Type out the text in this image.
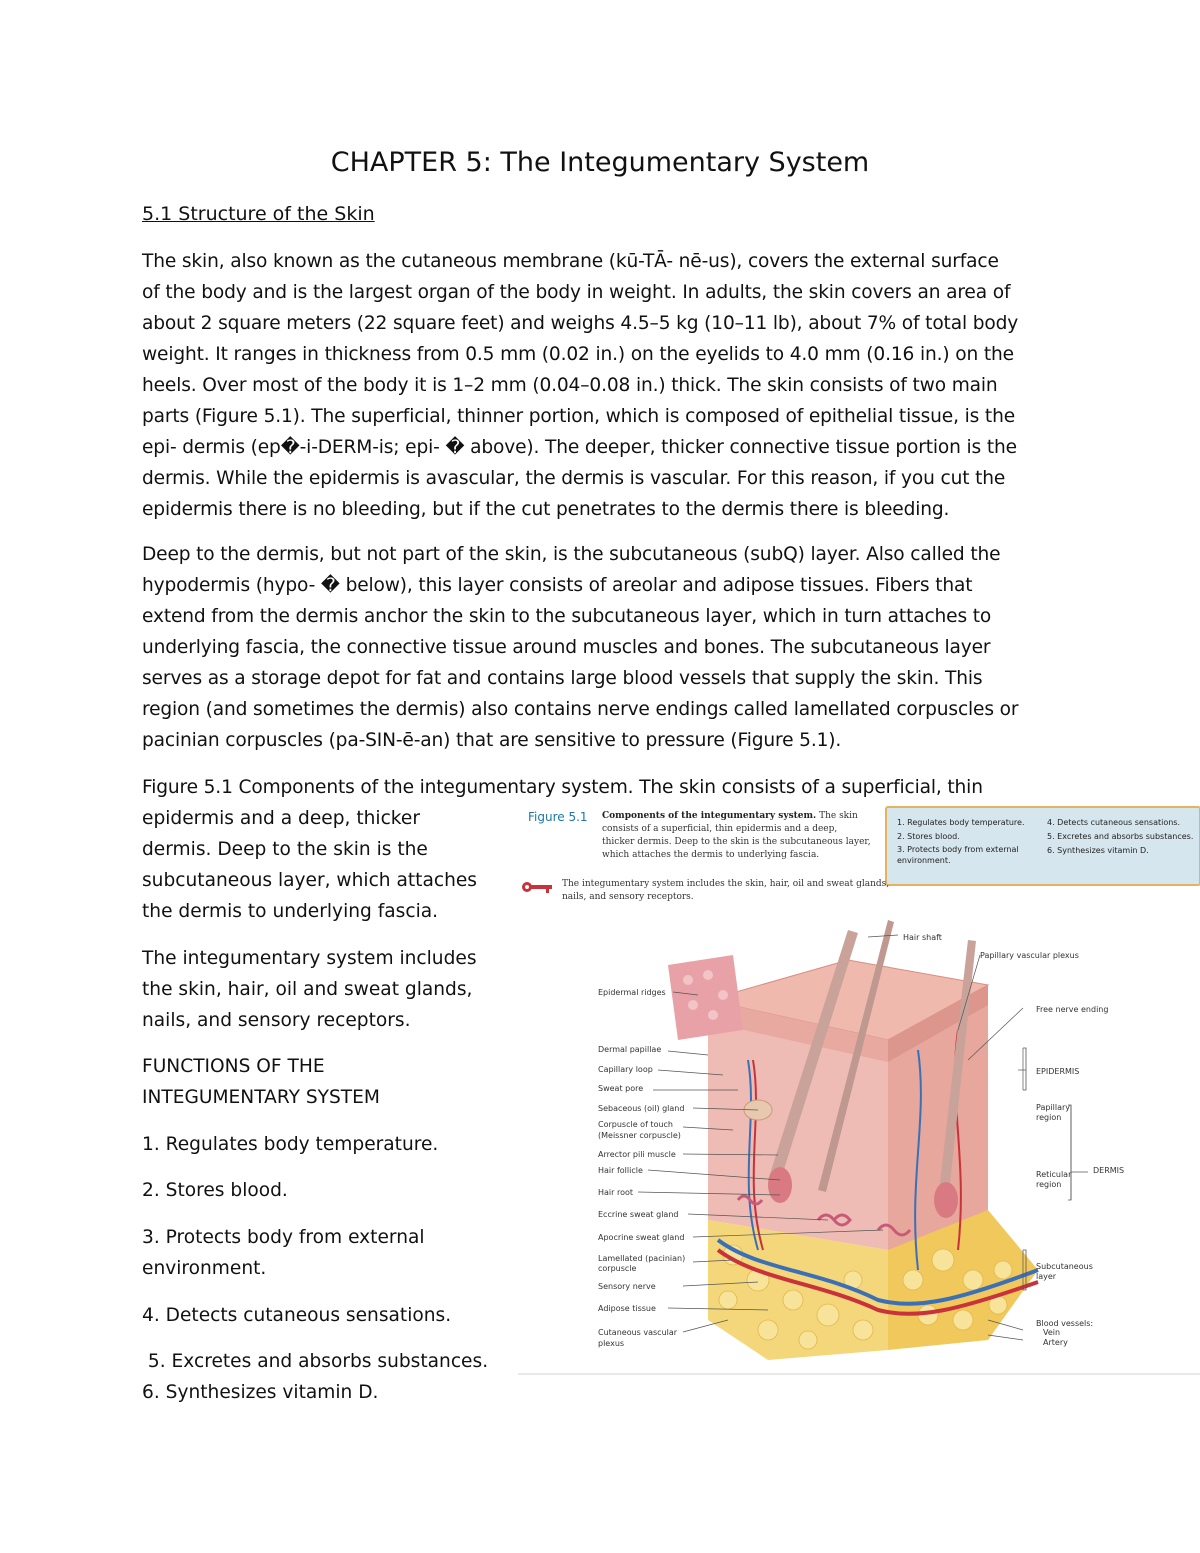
CHAPTER 5: The Integumentary System
5.1 Structure of the Skin
The skin, also known as the cutaneous membrane (kū-TĀ- nē-us), covers the external surface
of the body and is the largest organ of the body in weight. In adults, the skin covers an area of
about 2 square meters (22 square feet) and weighs 4.5–5 kg (10–11 lb), about 7% of total body
weight. It ranges in thickness from 0.5 mm (0.02 in.) on the eyelids to 4.0 mm (0.16 in.) on the
heels. Over most of the body it is 1–2 mm (0.04–0.08 in.) thick. The skin consists of two main
parts (Figure 5.1). The superficial, thinner portion, which is composed of epithelial tissue, is the
epi- dermis (ep�-i-DERM-is; epi- � above). The deeper, thicker connective tissue portion is the
dermis. While the epidermis is avascular, the dermis is vascular. For this reason, if you cut the
epidermis there is no bleeding, but if the cut penetrates to the dermis there is bleeding.
Deep to the dermis, but not part of the skin, is the subcutaneous (subQ) layer. Also called the
hypodermis (hypo- � below), this layer consists of areolar and adipose tissues. Fibers that
extend from the dermis anchor the skin to the subcutaneous layer, which in turn attaches to
underlying fascia, the connective tissue around muscles and bones. The subcutaneous layer
serves as a storage depot for fat and contains large blood vessels that supply the skin. This
region (and sometimes the dermis) also contains nerve endings called lamellated corpuscles or
pacinian corpuscles (pa-SIN-ē-an) that are sensitive to pressure (Figure 5.1).
Figure 5.1 Components of the integumentary system. The skin consists of a superficial, thin
epidermis and a deep, thicker
dermis. Deep to the skin is the
subcutaneous layer, which attaches
the dermis to underlying fascia.
The integumentary system includes
the skin, hair, oil and sweat glands,
nails, and sensory receptors.
FUNCTIONS OF THE
INTEGUMENTARY SYSTEM
1. Regulates body temperature.
2. Stores blood.
3. Protects body from external
environment.
4. Detects cutaneous sensations.
5. Excretes and absorbs substances.
6. Synthesizes vitamin D.
Figure 5.1 Components of the integumentary system. The skin consists of a superficial, thin epidermis and a deep, thicker dermis. Deep to the skin is the subcutaneous layer, which attaches the dermis to underlying fascia.
1. Regulates body temperature.
2. Stores blood.
3. Protects body from external environment.
4. Detects cutaneous sensations.
5. Excretes and absorbs substances.
6. Synthesizes vitamin D.
The integumentary system includes the skin, hair, oil and sweat glands, nails, and sensory receptors.
Epidermal ridges
Dermal papillae
Capillary loop
Sweat pore
Sebaceous (oil) gland
Corpuscle of touch
(Meissner corpuscle)
Arrector pili muscle
Hair follicle
Hair root
Eccrine sweat gland
Apocrine sweat gland
Lamellated (pacinian)
corpuscle
Sensory nerve
Adipose tissue
Cutaneous vascular
plexus
Hair shaft
Papillary vascular plexus
Free nerve ending
EPIDERMIS
Papillary
region
Reticular
region
DERMIS
Subcutaneous
layer
Blood vessels:
Vein
Artery
